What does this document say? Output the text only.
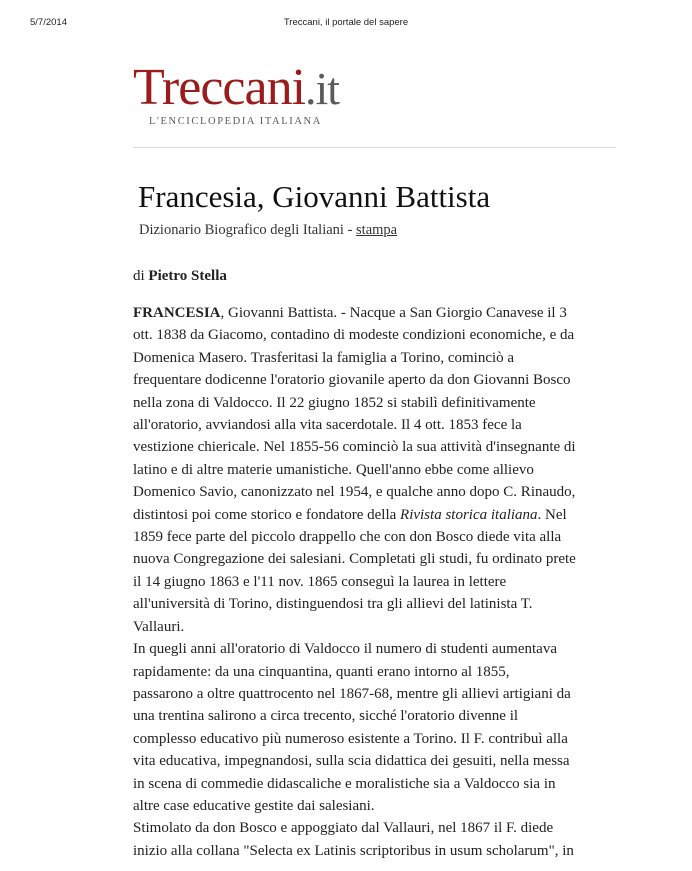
5/7/2014	Treccani, il portale del sapere
Treccani.it
L'ENCICLOPEDIA ITALIANA
Francesia, Giovanni Battista
Dizionario Biografico degli Italiani - stampa
di Pietro Stella
FRANCESIA, Giovanni Battista. - Nacque a San Giorgio Canavese il 3
ott. 1838 da Giacomo, contadino di modeste condizioni economiche, e da
Domenica Masero. Trasferitasi la famiglia a Torino, cominciò a
frequentare dodicenne l'oratorio giovanile aperto da don Giovanni Bosco
nella zona di Valdocco. Il 22 giugno 1852 si stabilì definitivamente
all'oratorio, avviandosi alla vita sacerdotale. Il 4 ott. 1853 fece la
vestizione chiericale. Nel 1855-56 cominciò la sua attività d'insegnante di
latino e di altre materie umanistiche. Quell'anno ebbe come allievo
Domenico Savio, canonizzato nel 1954, e qualche anno dopo C. Rinaudo,
distintosi poi come storico e fondatore della Rivista storica italiana. Nel
1859 fece parte del piccolo drappello che con don Bosco diede vita alla
nuova Congregazione dei salesiani. Completati gli studi, fu ordinato prete
il 14 giugno 1863 e l'11 nov. 1865 conseguì la laurea in lettere
all'università di Torino, distinguendosi tra gli allievi del latinista T.
Vallauri.
In quegli anni all'oratorio di Valdocco il numero di studenti aumentava
rapidamente: da una cinquantina, quanti erano intorno al 1855,
passarono a oltre quattrocento nel 1867-68, mentre gli allievi artigiani da
una trentina salirono a circa trecento, sicché l'oratorio divenne il
complesso educativo più numeroso esistente a Torino. Il F. contribuì alla
vita educativa, impegnandosi, sulla scia didattica dei gesuiti, nella messa
in scena di commedie didascaliche e moralistiche sia a Valdocco sia in
altre case educative gestite dai salesiani.
Stimolato da don Bosco e appoggiato dal Vallauri, nel 1867 il F. diede
inizio alla collana "Selecta ex Latinis scriptoribus in usum scholarum", in
